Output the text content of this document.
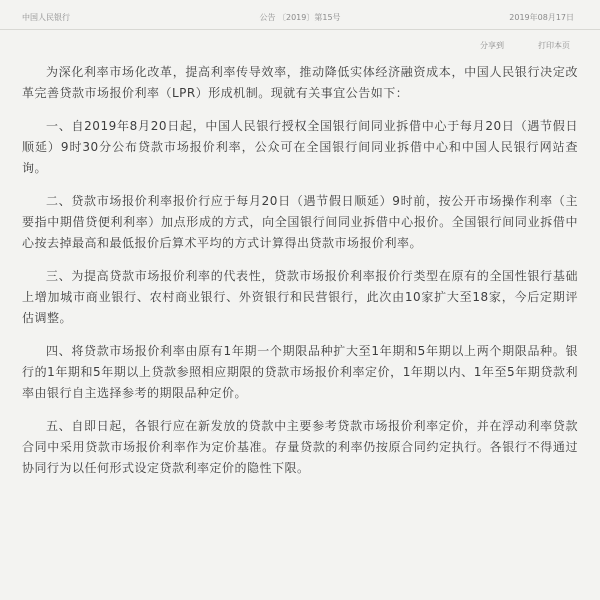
中国人民银行	公告 〔2019〕第15号	2019年08月17日
分享到	打印本页

为深化利率市场化改革，提高利率传导效率，推动降低实体经济融资成本，中国人民银行决定改革完善贷款市场报价利率（LPR）形成机制。现就有关事宜公告如下：

一、自2019年8月20日起，中国人民银行授权全国银行间同业拆借中心于每月20日（遇节假日顺延）9时30分公布贷款市场报价利率，公众可在全国银行间同业拆借中心和中国人民银行网站查询。

二、贷款市场报价利率报价行应于每月20日（遇节假日顺延）9时前，按公开市场操作利率（主要指中期借贷便利利率）加点形成的方式，向全国银行间同业拆借中心报价。全国银行间同业拆借中心按去掉最高和最低报价后算术平均的方式计算得出贷款市场报价利率。

三、为提高贷款市场报价利率的代表性，贷款市场报价利率报价行类型在原有的全国性银行基础上增加城市商业银行、农村商业银行、外资银行和民营银行，此次由10家扩大至18家，今后定期评估调整。

四、将贷款市场报价利率由原有1年期一个期限品种扩大至1年期和5年期以上两个期限品种。银行的1年期和5年期以上贷款参照相应期限的贷款市场报价利率定价，1年期以内、1年至5年期贷款利率由银行自主选择参考的期限品种定价。

五、自即日起，各银行应在新发放的贷款中主要参考贷款市场报价利率定价，并在浮动利率贷款合同中采用贷款市场报价利率作为定价基准。存量贷款的利率仍按原合同约定执行。各银行不得通过协同行为以任何形式设定贷款利率定价的隐性下限。
